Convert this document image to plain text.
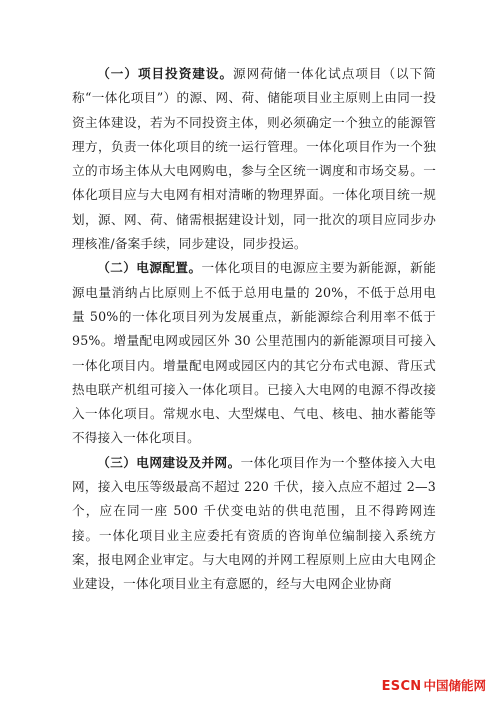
（一）项目投资建设。源网荷储一体化试点项目（以下简称“一体化项目”）的源、网、荷、储能项目业主原则上由同一投资主体建设，若为不同投资主体，则必须确定一个独立的能源管理方，负责一体化项目的统一运行管理。一体化项目作为一个独立的市场主体从大电网购电，参与全区统一调度和市场交易。一体化项目应与大电网有相对清晰的物理界面。一体化项目统一规划，源、网、荷、储需根据建设计划，同一批次的项目应同步办理核准/备案手续，同步建设，同步投运。

（二）电源配置。一体化项目的电源应主要为新能源，新能源电量消纳占比原则上不低于总用电量的 20%，不低于总用电量 50%的一体化项目列为发展重点，新能源综合利用率不低于 95%。增量配电网或园区外 30 公里范围内的新能源项目可接入一体化项目内。增量配电网或园区内的其它分布式电源、背压式热电联产机组可接入一体化项目。已接入大电网的电源不得改接入一体化项目。常规水电、大型煤电、气电、核电、抽水蓄能等不得接入一体化项目。

（三）电网建设及并网。一体化项目作为一个整体接入大电网，接入电压等级最高不超过 220 千伏，接入点应不超过 2—3 个，应在同一座 500 千伏变电站的供电范围，且不得跨网连接。一体化项目业主应委托有资质的咨询单位编制接入系统方案，报电网企业审定。与大电网的并网工程原则上应由大电网企业建设，一体化项目业主有意愿的，经与大电网企业协商

ESCN 中国储能网
